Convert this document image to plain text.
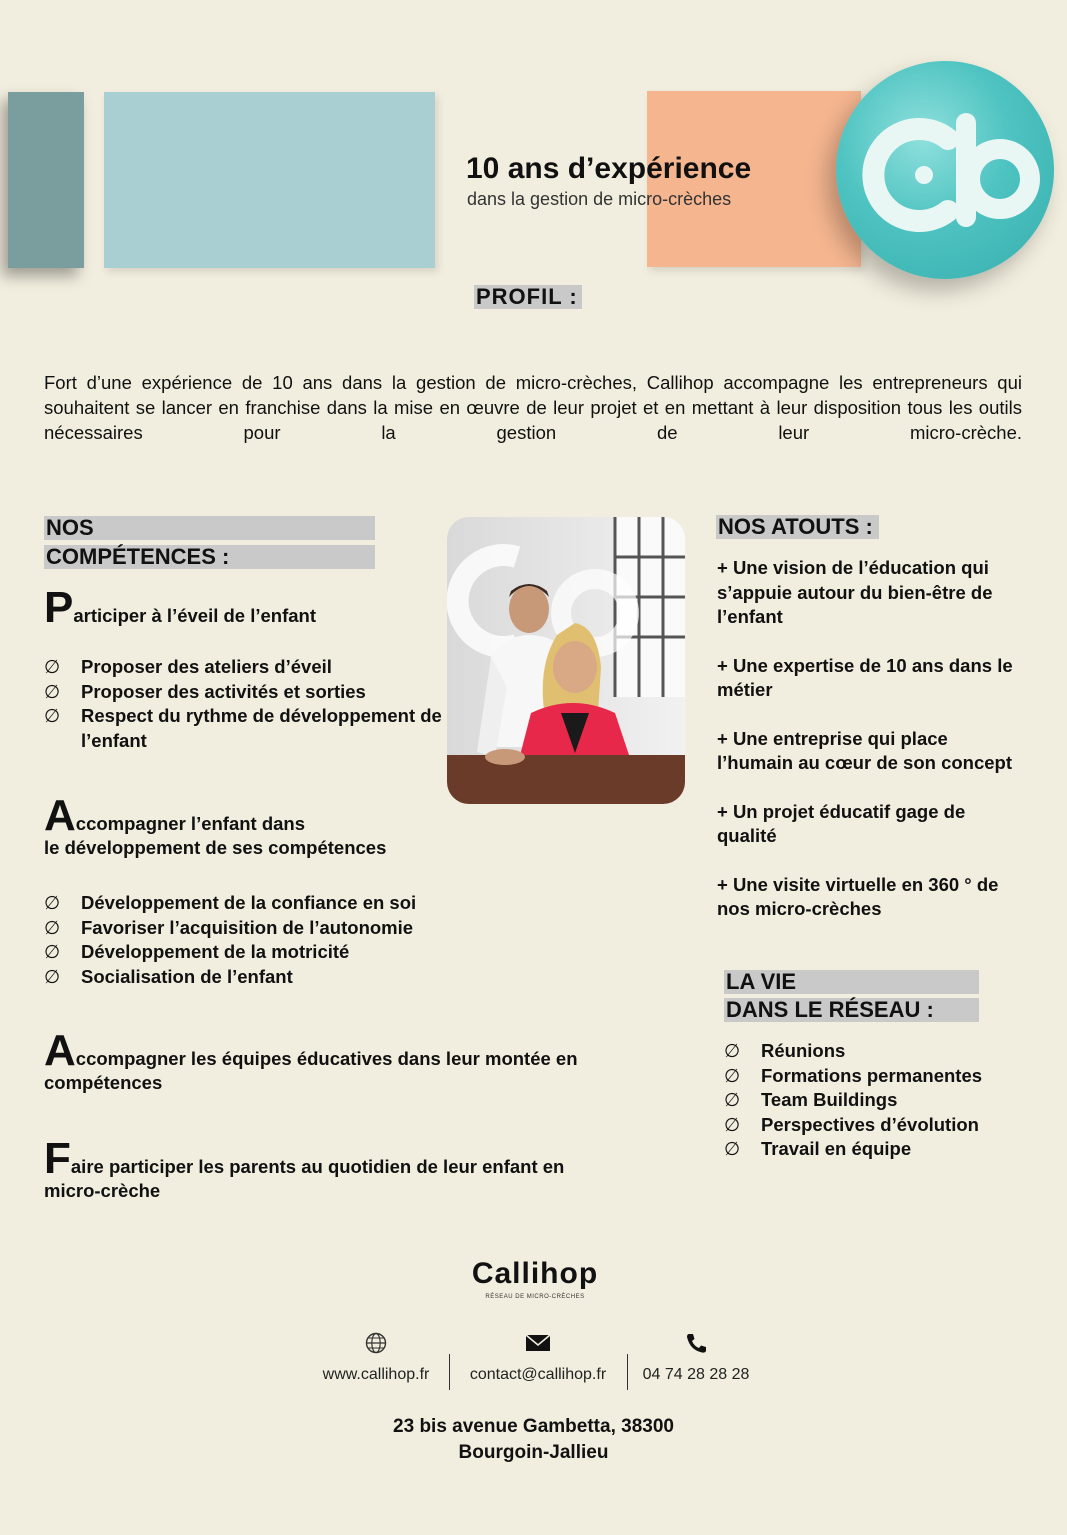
10 ans d’expérience
dans la gestion de micro-crèches
PROFIL :
Fort d’une expérience de 10 ans dans la gestion de micro-crèches, Callihop accompagne les entrepreneurs qui souhaitent se lancer en franchise dans la mise en œuvre de leur projet et en mettant à leur disposition tous les outils nécessaires pour la gestion de leur micro-crèche.
NOS
COMPÉTENCES :
Participer à l’éveil de l’enfant
∅ Proposer des ateliers d’éveil
∅ Proposer des activités et sorties
∅ Respect du rythme de développement de l’enfant
Accompagner l’enfant dans
le développement de ses compétences
∅ Développement de la confiance en soi
∅ Favoriser l’acquisition de l’autonomie
∅ Développement de la motricité
∅ Socialisation de l’enfant
Accompagner les équipes éducatives dans leur montée en
compétences
Faire participer les parents au quotidien de leur enfant en
micro-crèche
NOS ATOUTS :

+ Une vision de l’éducation qui s’appuie autour du bien-être de l’enfant

+ Une expertise de 10 ans dans le métier

+ Une entreprise qui place l’humain au cœur de son concept

+ Un projet éducatif gage de qualité

+ Une visite virtuelle en 360 ° de nos micro-crèches

LA VIE
DANS LE RÉSEAU :
∅ Réunions
∅ Formations permanentes
∅ Team Buildings
∅ Perspectives d’évolution
∅ Travail en équipe
Callihop
RÉSEAU DE MICRO-CRÈCHES
www.callihop.fr	contact@callihop.fr	04 74 28 28 28
23 bis avenue Gambetta, 38300
Bourgoin-Jallieu
